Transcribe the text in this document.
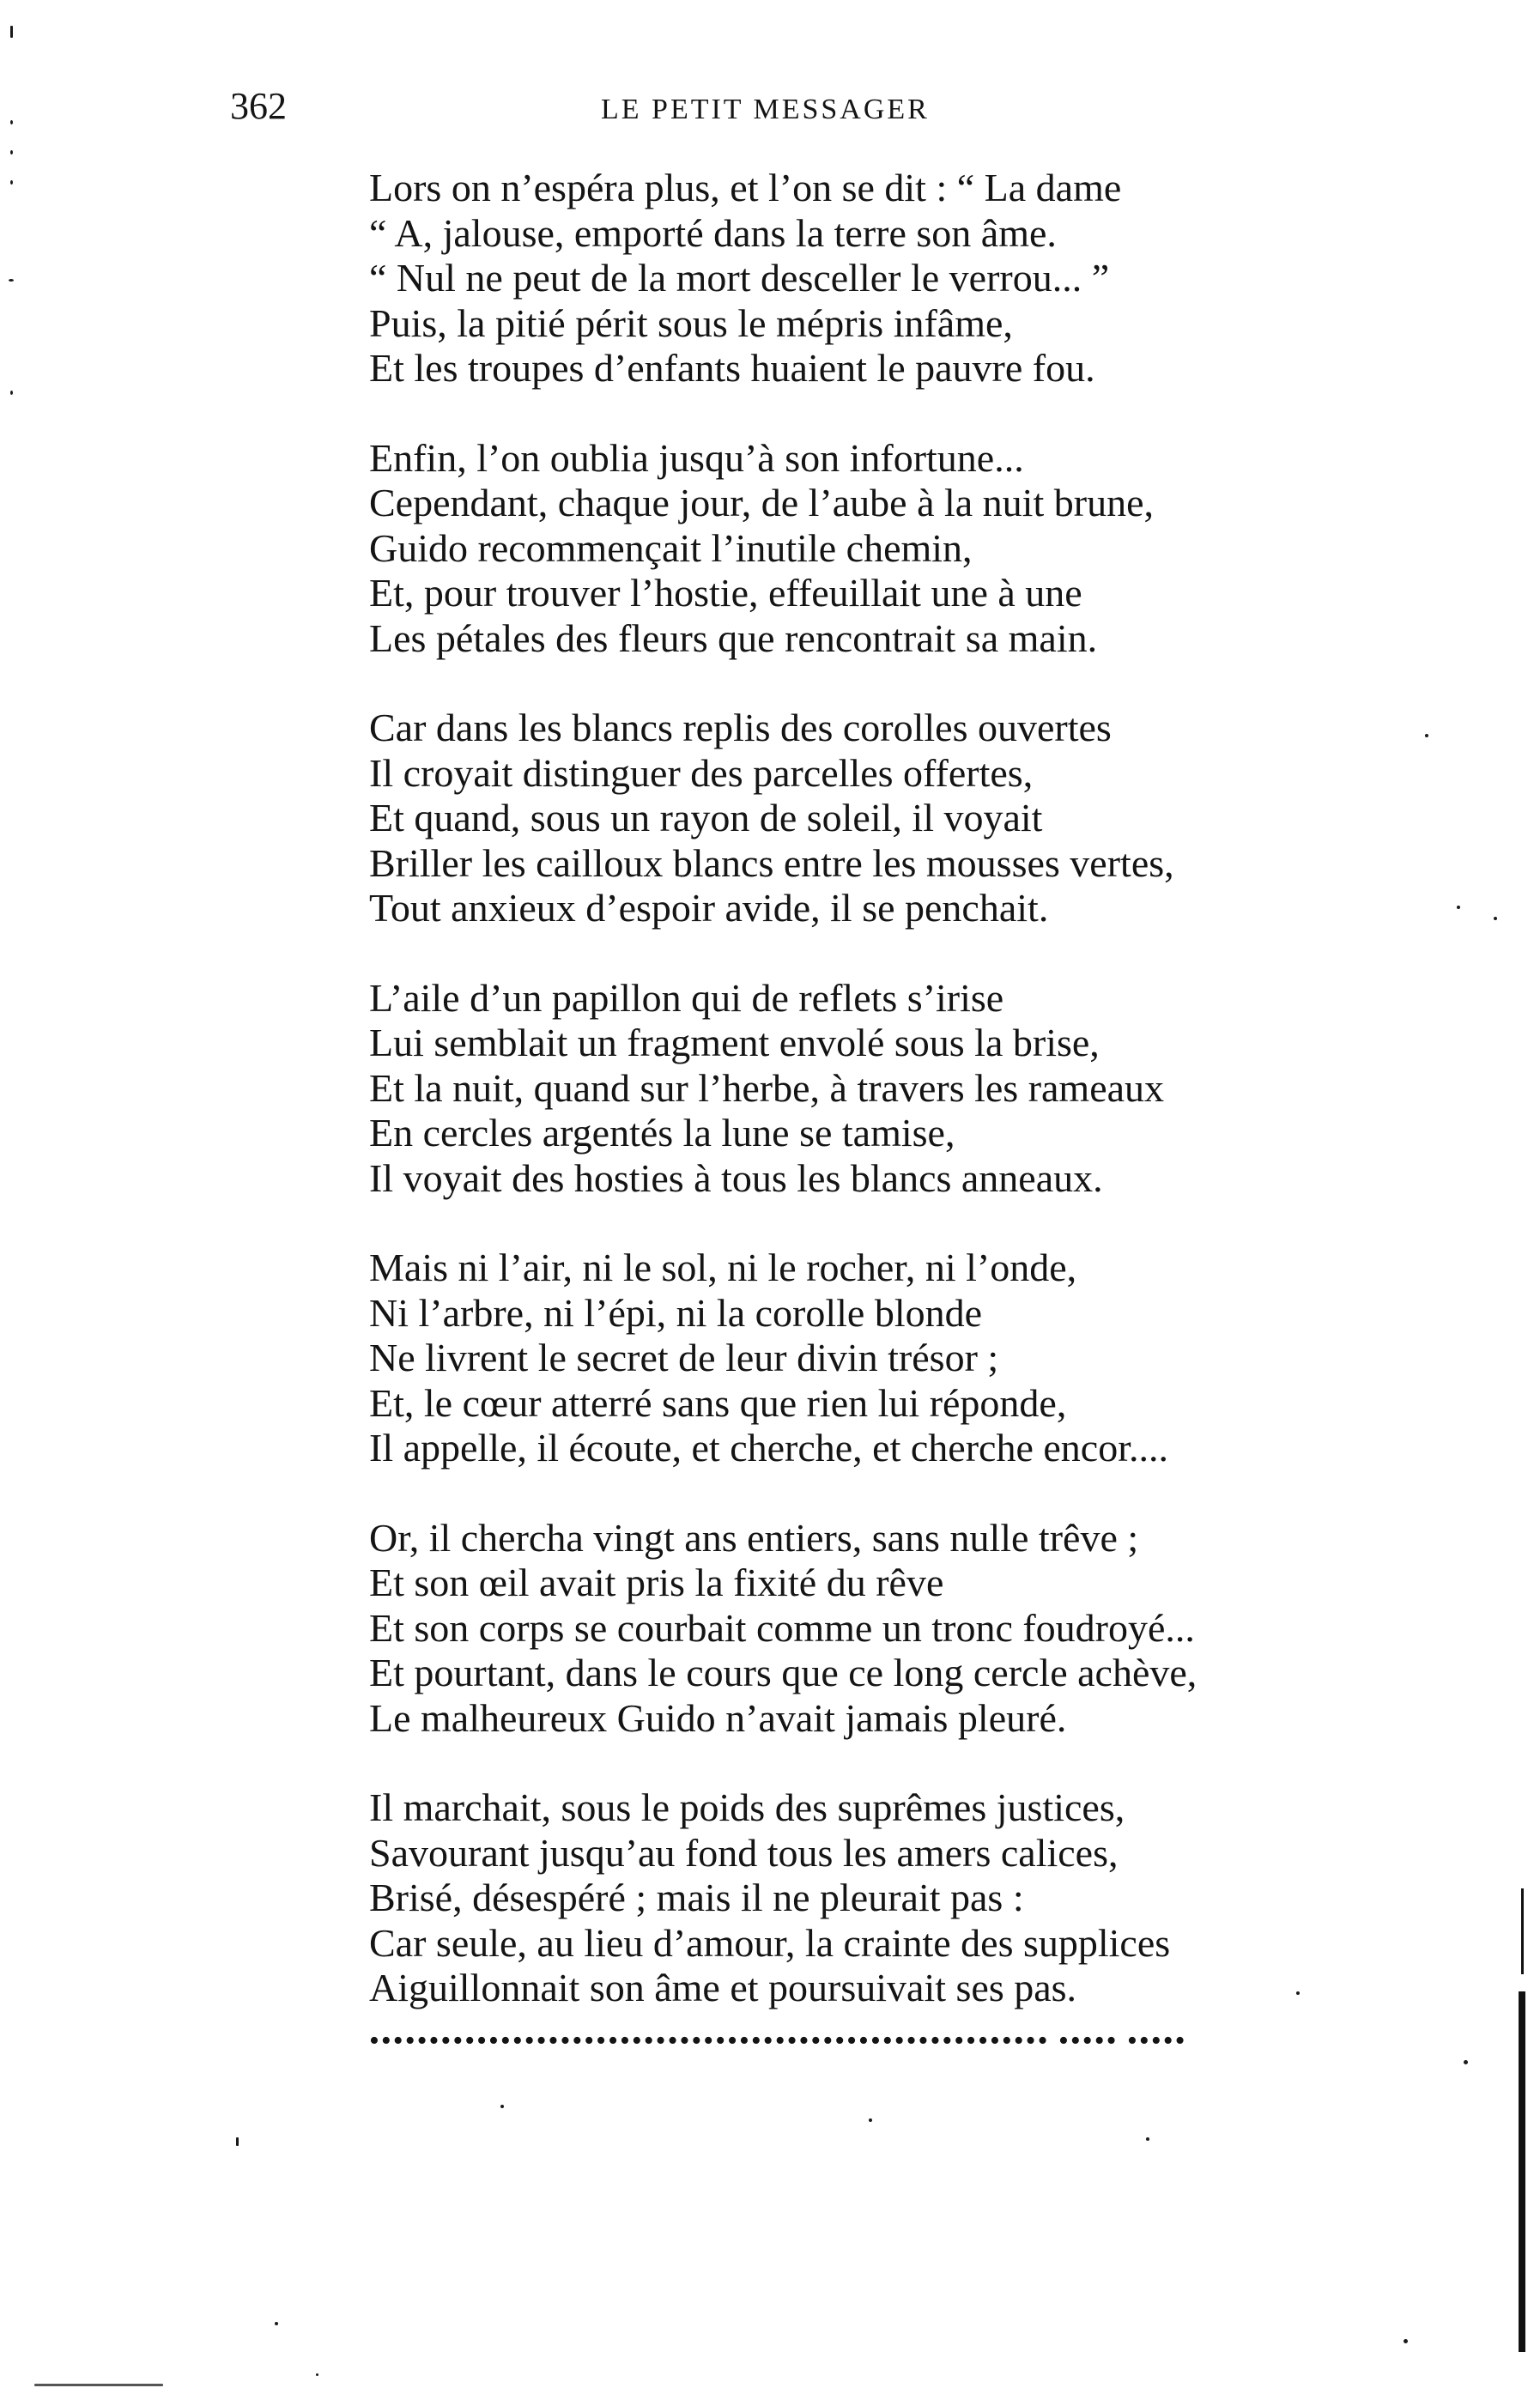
362	LE PETIT MESSAGER
Lors on n’espéra plus, et l’on se dit : “ La dame
“ A, jalouse, emporté dans la terre son âme.
“ Nul ne peut de la mort desceller le verrou... ”
Puis, la pitié périt sous le mépris infâme,
Et les troupes d’enfants huaient le pauvre fou.
Enfin, l’on oublia jusqu’à son infortune...
Cependant, chaque jour, de l’aube à la nuit brune,
Guido recommençait l’inutile chemin,
Et, pour trouver l’hostie, effeuillait une à une
Les pétales des fleurs que rencontrait sa main.
Car dans les blancs replis des corolles ouvertes
Il croyait distinguer des parcelles offertes,
Et quand, sous un rayon de soleil, il voyait
Briller les cailloux blancs entre les mousses vertes,
Tout anxieux d’espoir avide, il se penchait.
L’aile d’un papillon qui de reflets s’irise
Lui semblait un fragment envolé sous la brise,
Et la nuit, quand sur l’herbe, à travers les rameaux
En cercles argentés la lune se tamise,
Il voyait des hosties à tous les blancs anneaux.
Mais ni l’air, ni le sol, ni le rocher, ni l’onde,
Ni l’arbre, ni l’épi, ni la corolle blonde
Ne livrent le secret de leur divin trésor ;
Et, le cœur atterré sans que rien lui réponde,
Il appelle, il écoute, et cherche, et cherche encor....
Or, il chercha vingt ans entiers, sans nulle trêve ;
Et son œil avait pris la fixité du rêve
Et son corps se courbait comme un tronc foudroyé...
Et pourtant, dans le cours que ce long cercle achève,
Le malheureux Guido n’avait jamais pleuré.
Il marchait, sous le poids des suprêmes justices,
Savourant jusqu’au fond tous les amers calices,
Brisé, désespéré ; mais il ne pleurait pas :
Car seule, au lieu d’amour, la crainte des supplices
Aiguillonnait son âme et poursuivait ses pas.
••••••••••••••••••••••••••••••••••••••••••••••••••••••••• ••••• •••••
